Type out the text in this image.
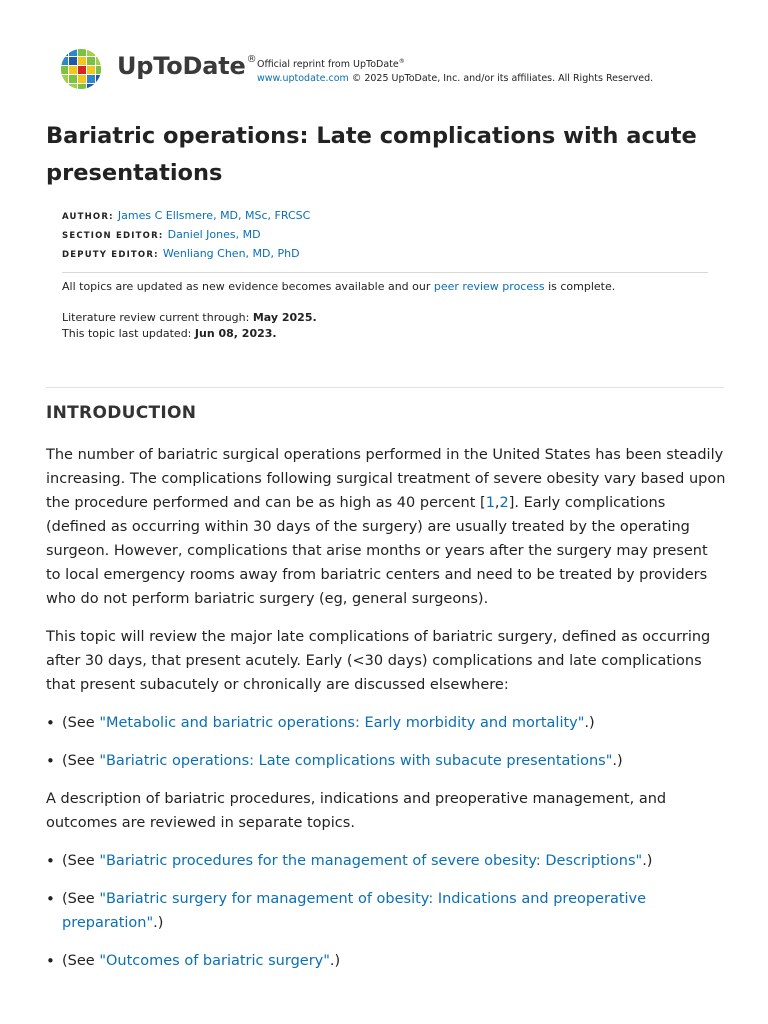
UpToDate® Official reprint from UpToDate®
www.uptodate.com © 2025 UpToDate, Inc. and/or its affiliates. All Rights Reserved.
Bariatric operations: Late complications with acute presentations
AUTHOR: James C Ellsmere, MD, MSc, FRCSC
SECTION EDITOR: Daniel Jones, MD
DEPUTY EDITOR: Wenliang Chen, MD, PhD
All topics are updated as new evidence becomes available and our peer review process is complete.
Literature review current through: May 2025.
This topic last updated: Jun 08, 2023.
INTRODUCTION

The number of bariatric surgical operations performed in the United States has been steadily increasing. The complications following surgical treatment of severe obesity vary based upon the procedure performed and can be as high as 40 percent [1,2]. Early complications (defined as occurring within 30 days of the surgery) are usually treated by the operating surgeon. However, complications that arise months or years after the surgery may present to local emergency rooms away from bariatric centers and need to be treated by providers who do not perform bariatric surgery (eg, general surgeons).

This topic will review the major late complications of bariatric surgery, defined as occurring after 30 days, that present acutely. Early (<30 days) complications and late complications that present subacutely or chronically are discussed elsewhere:

• (See "Metabolic and bariatric operations: Early morbidity and mortality".)
• (See "Bariatric operations: Late complications with subacute presentations".)

A description of bariatric procedures, indications and preoperative management, and outcomes are reviewed in separate topics.

• (See "Bariatric procedures for the management of severe obesity: Descriptions".)
• (See "Bariatric surgery for management of obesity: Indications and preoperative preparation".)
• (See "Outcomes of bariatric surgery".)
